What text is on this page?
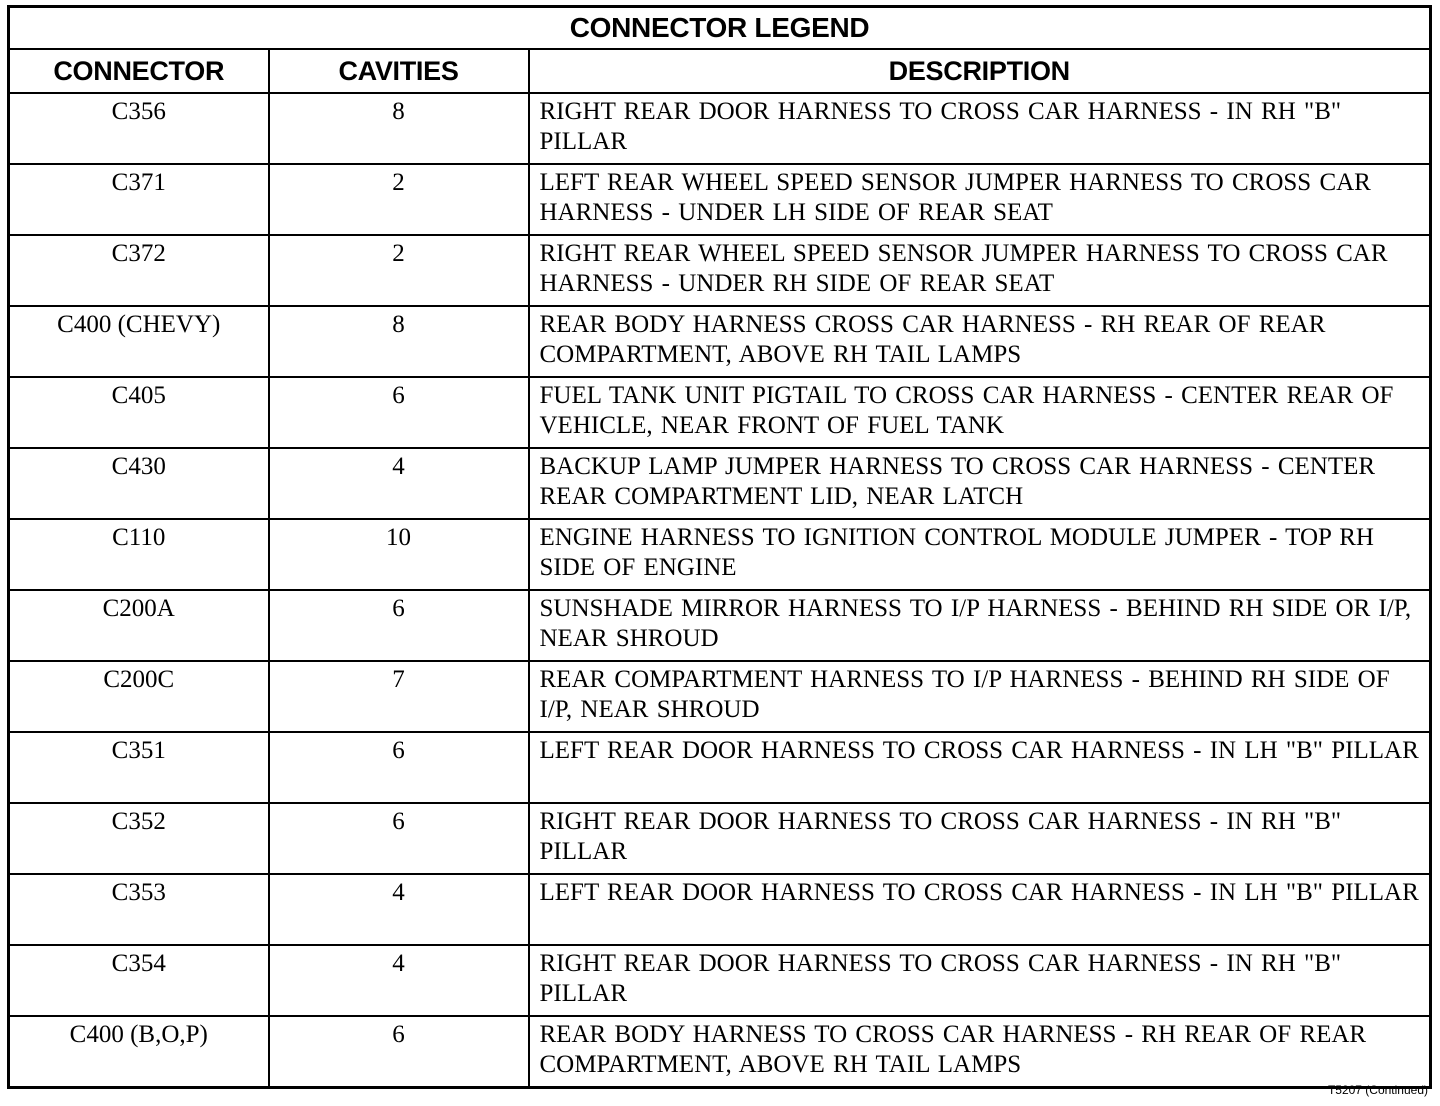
CONNECTOR LEGEND		
CONNECTOR	CAVITIES	DESCRIPTION
C356	8	RIGHT REAR DOOR HARNESS TO CROSS CAR HARNESS - IN RH "B" PILLAR
C371	2	LEFT REAR WHEEL SPEED SENSOR JUMPER HARNESS TO CROSS CAR HARNESS - UNDER LH SIDE OF REAR SEAT
C372	2	RIGHT REAR WHEEL SPEED SENSOR JUMPER HARNESS TO CROSS CAR HARNESS - UNDER RH SIDE OF REAR SEAT
C400 (CHEVY)	8	REAR BODY HARNESS CROSS CAR HARNESS - RH REAR OF REAR COMPARTMENT, ABOVE RH TAIL LAMPS
C405	6	FUEL TANK UNIT PIGTAIL TO CROSS CAR HARNESS - CENTER REAR OF VEHICLE, NEAR FRONT OF FUEL TANK
C430	4	BACKUP LAMP JUMPER HARNESS TO CROSS CAR HARNESS - CENTER REAR COMPARTMENT LID, NEAR LATCH
C110	10	ENGINE HARNESS TO IGNITION CONTROL MODULE JUMPER - TOP RH SIDE OF ENGINE
C200A	6	SUNSHADE MIRROR HARNESS TO I/P HARNESS - BEHIND RH SIDE OR I/P, NEAR SHROUD
C200C	7	REAR COMPARTMENT HARNESS TO I/P HARNESS - BEHIND RH SIDE OF I/P, NEAR SHROUD
C351	6	LEFT REAR DOOR HARNESS TO CROSS CAR HARNESS - IN LH "B" PILLAR
C352	6	RIGHT REAR DOOR HARNESS TO CROSS CAR HARNESS - IN RH "B" PILLAR
C353	4	LEFT REAR DOOR HARNESS TO CROSS CAR HARNESS - IN LH "B" PILLAR
C354	4	RIGHT REAR DOOR HARNESS TO CROSS CAR HARNESS - IN RH "B" PILLAR
C400 (B,O,P)	6	REAR BODY HARNESS TO CROSS CAR HARNESS - RH REAR OF REAR COMPARTMENT, ABOVE RH TAIL LAMPS
T5207 (Continued)
